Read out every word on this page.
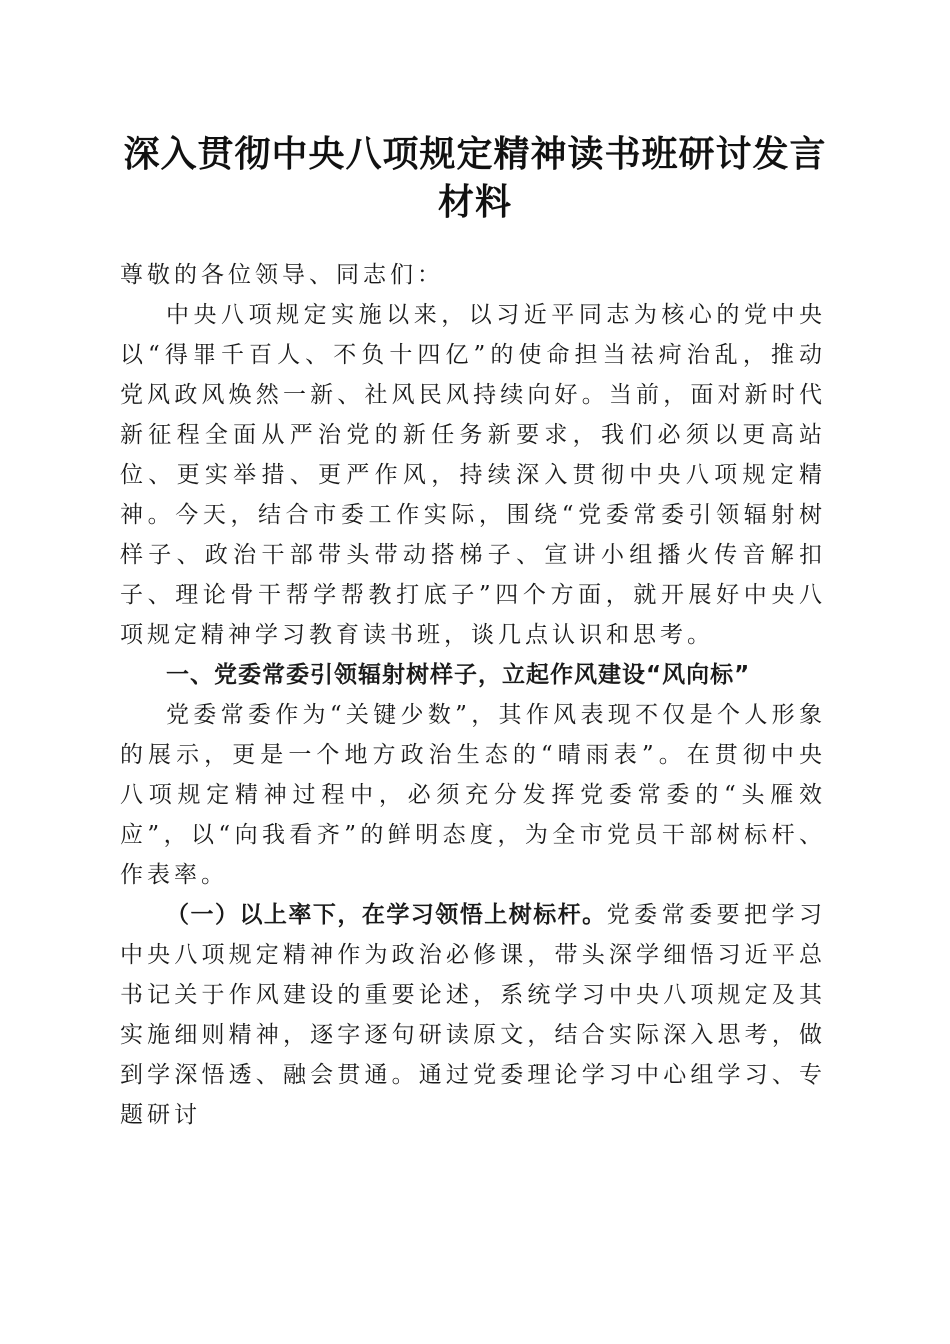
深入贯彻中央八项规定精神读书班研讨发言材料

尊敬的各位领导、同志们：

中央八项规定实施以来，以习近平同志为核心的党中央以“得罪千百人、不负十四亿”的使命担当祛疴治乱，推动党风政风焕然一新、社风民风持续向好。当前，面对新时代新征程全面从严治党的新任务新要求，我们必须以更高站位、更实举措、更严作风，持续深入贯彻中央八项规定精神。今天，结合市委工作实际，围绕“党委常委引领辐射树样子、政治干部带头带动搭梯子、宣讲小组播火传音解扣子、理论骨干帮学帮教打底子”四个方面，就开展好中央八项规定精神学习教育读书班，谈几点认识和思考。

一、党委常委引领辐射树样子，立起作风建设“风向标”

党委常委作为“关键少数”，其作风表现不仅是个人形象的展示，更是一个地方政治生态的“晴雨表”。在贯彻中央八项规定精神过程中，必须充分发挥党委常委的“头雁效应”，以“向我看齐”的鲜明态度，为全市党员干部树标杆、作表率。

（一）以上率下，在学习领悟上树标杆。党委常委要把学习中央八项规定精神作为政治必修课，带头深学细悟习近平总书记关于作风建设的重要论述，系统学习中央八项规定及其实施细则精神，逐字逐句研读原文，结合实际深入思考，做到学深悟透、融会贯通。通过党委理论学习中心组学习、专题研讨
